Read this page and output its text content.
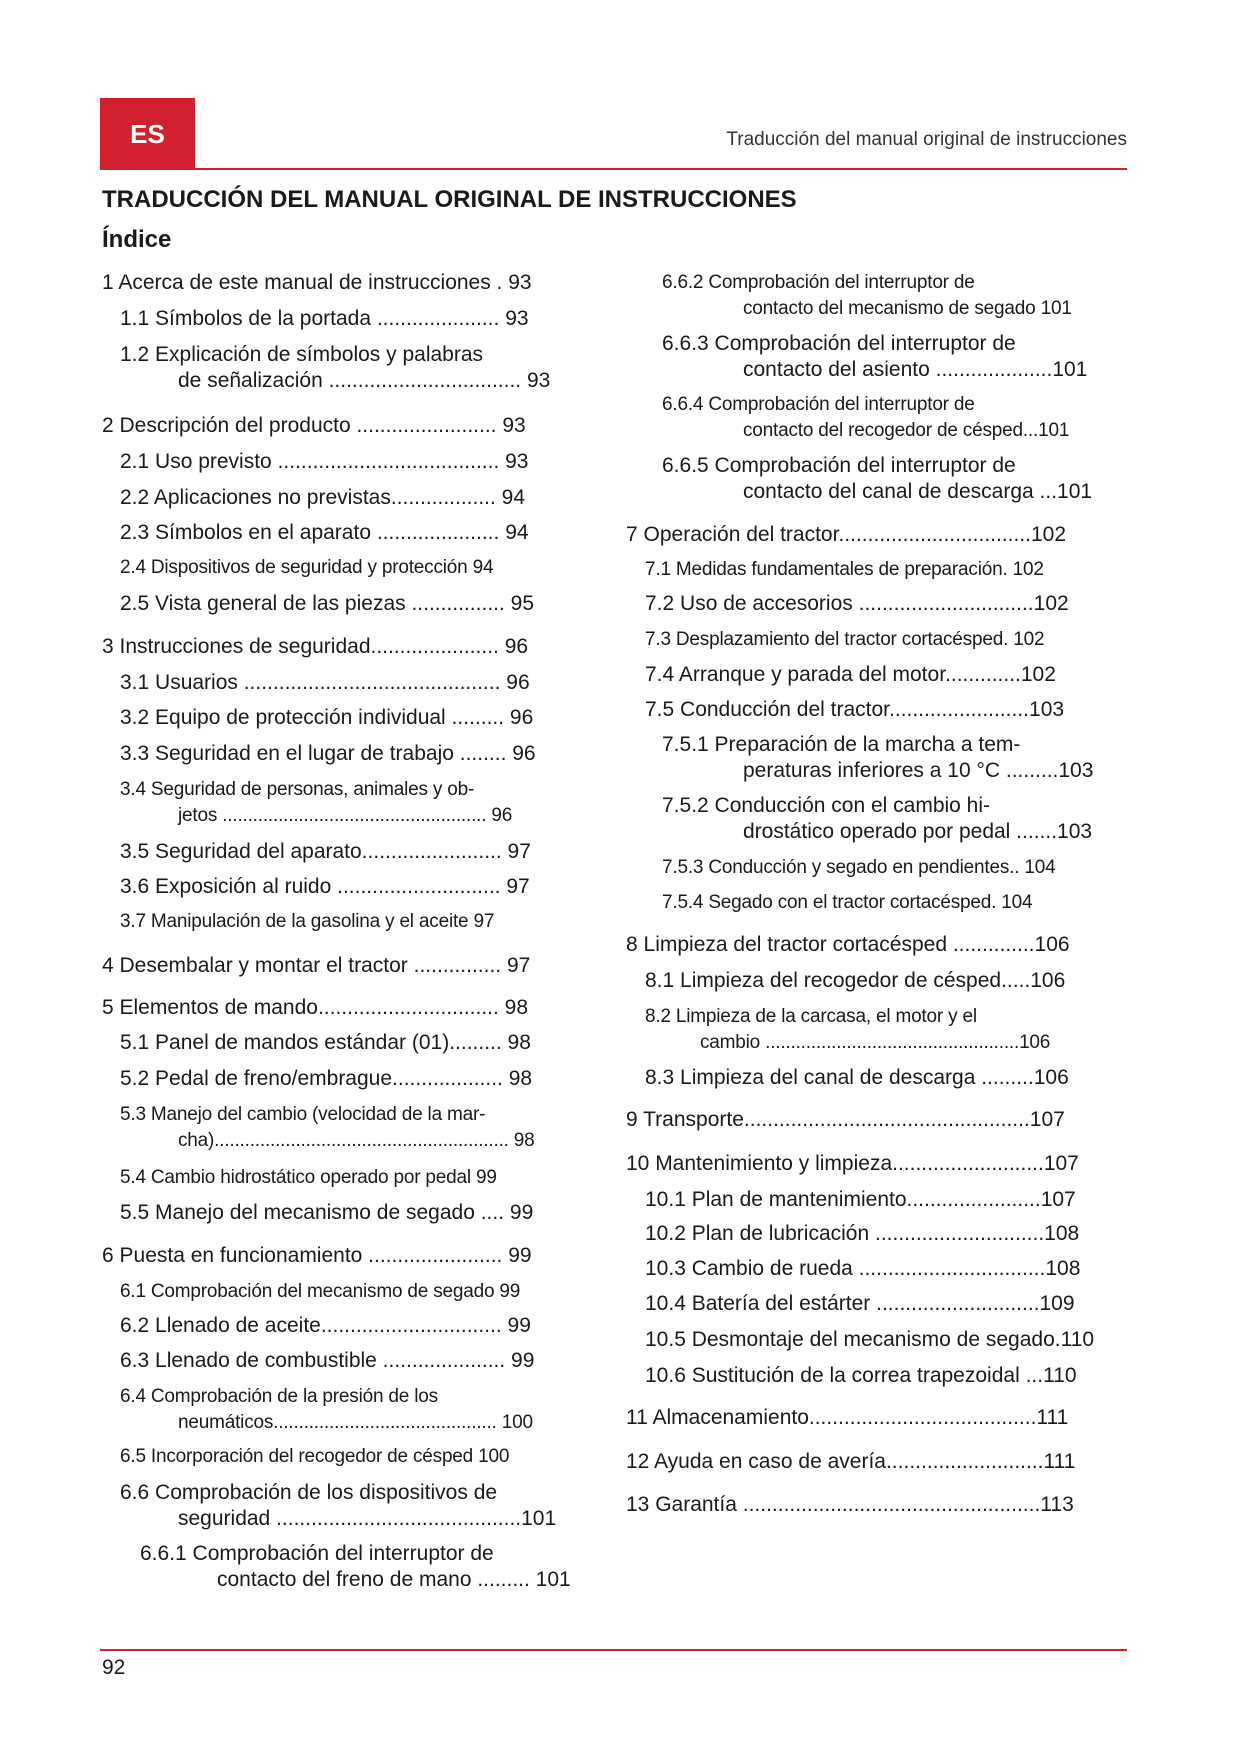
ES	Traducción del manual original de instrucciones
TRADUCCIÓN DEL MANUAL ORIGINAL DE INSTRUCCIONES
Índice
1 Acerca de este manual de instrucciones . 93
1.1 Símbolos de la portada ..................... 93
1.2 Explicación de símbolos y palabras
de señalización ................................. 93
2 Descripción del producto ........................ 93
2.1 Uso previsto ...................................... 93
2.2 Aplicaciones no previstas.................. 94
2.3 Símbolos en el aparato ..................... 94
2.4 Dispositivos de seguridad y protección 94
2.5 Vista general de las piezas ................ 95
3 Instrucciones de seguridad...................... 96
3.1 Usuarios ............................................ 96
3.2 Equipo de protección individual ......... 96
3.3 Seguridad en el lugar de trabajo ........ 96
3.4 Seguridad de personas, animales y ob-
jetos .................................................... 96
3.5 Seguridad del aparato........................ 97
3.6 Exposición al ruido ............................ 97
3.7 Manipulación de la gasolina y el aceite 97
4 Desembalar y montar el tractor ............... 97
5 Elementos de mando............................... 98
5.1 Panel de mandos estándar (01)......... 98
5.2 Pedal de freno/embrague................... 98
5.3 Manejo del cambio (velocidad de la mar-
cha).......................................................... 98
5.4 Cambio hidrostático operado por pedal 99
5.5 Manejo del mecanismo de segado .... 99
6 Puesta en funcionamiento ....................... 99
6.1 Comprobación del mecanismo de segado 99
6.2 Llenado de aceite............................... 99
6.3 Llenado de combustible ..................... 99
6.4 Comprobación de la presión de los
neumáticos............................................ 100
6.5 Incorporación del recogedor de césped 100
6.6 Comprobación de los dispositivos de
seguridad ..........................................101
6.6.1 Comprobación del interruptor de
contacto del freno de mano ......... 101
6.6.2 Comprobación del interruptor de
contacto del mecanismo de segado 101
6.6.3 Comprobación del interruptor de
contacto del asiento ....................101
6.6.4 Comprobación del interruptor de
contacto del recogedor de césped...101
6.6.5 Comprobación del interruptor de
contacto del canal de descarga ...101
7 Operación del tractor.................................102
7.1 Medidas fundamentales de preparación. 102
7.2 Uso de accesorios ..............................102
7.3 Desplazamiento del tractor cortacésped. 102
7.4 Arranque y parada del motor.............102
7.5 Conducción del tractor........................103
7.5.1 Preparación de la marcha a tem-
peraturas inferiores a 10 °C .........103
7.5.2 Conducción con el cambio hi-
drostático operado por pedal .......103
7.5.3 Conducción y segado en pendientes.. 104
7.5.4 Segado con el tractor cortacésped. 104
8 Limpieza del tractor cortacésped ..............106
8.1 Limpieza del recogedor de césped.....106
8.2 Limpieza de la carcasa, el motor y el
cambio ..................................................106
8.3 Limpieza del canal de descarga .........106
9 Transporte.................................................107
10 Mantenimiento y limpieza..........................107
10.1 Plan de mantenimiento.......................107
10.2 Plan de lubricación .............................108
10.3 Cambio de rueda ................................108
10.4 Batería del estárter ............................109
10.5 Desmontaje del mecanismo de segado.110
10.6 Sustitución de la correa trapezoidal ...110
11 Almacenamiento.......................................111
12 Ayuda en caso de avería...........................111
13 Garantía ...................................................113
92
